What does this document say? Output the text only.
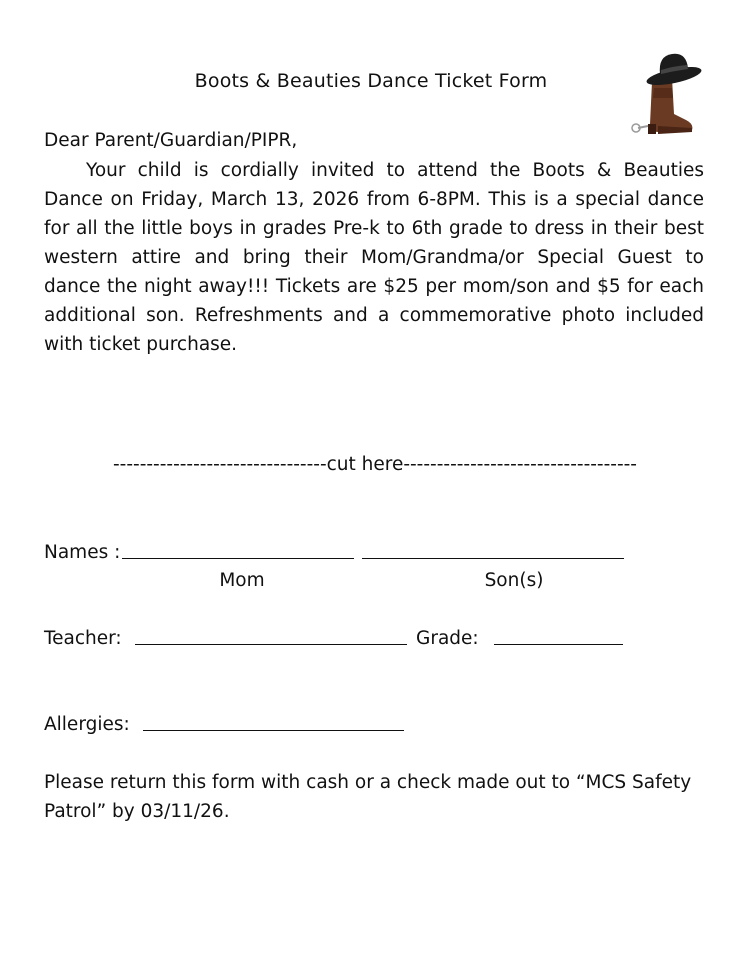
Boots & Beauties Dance Ticket Form
Dear Parent/Guardian/PIPR,

Your child is cordially invited to attend the Boots & Beauties Dance on Friday, March 13, 2026 from 6-8PM. This is a special dance for all the little boys in grades Pre-k to 6th grade to dress in their best western attire and bring their Mom/Grandma/or Special Guest to dance the night away!!! Tickets are $25 per mom/son and $5 for each additional son. Refreshments and a commemorative photo included with ticket purchase.

--------------------------------cut here-----------------------------------
Names :
Mom	Son(s)
Teacher:	Grade:
Allergies:

Please return this form with cash or a check made out to “MCS Safety Patrol” by 03/11/26.
